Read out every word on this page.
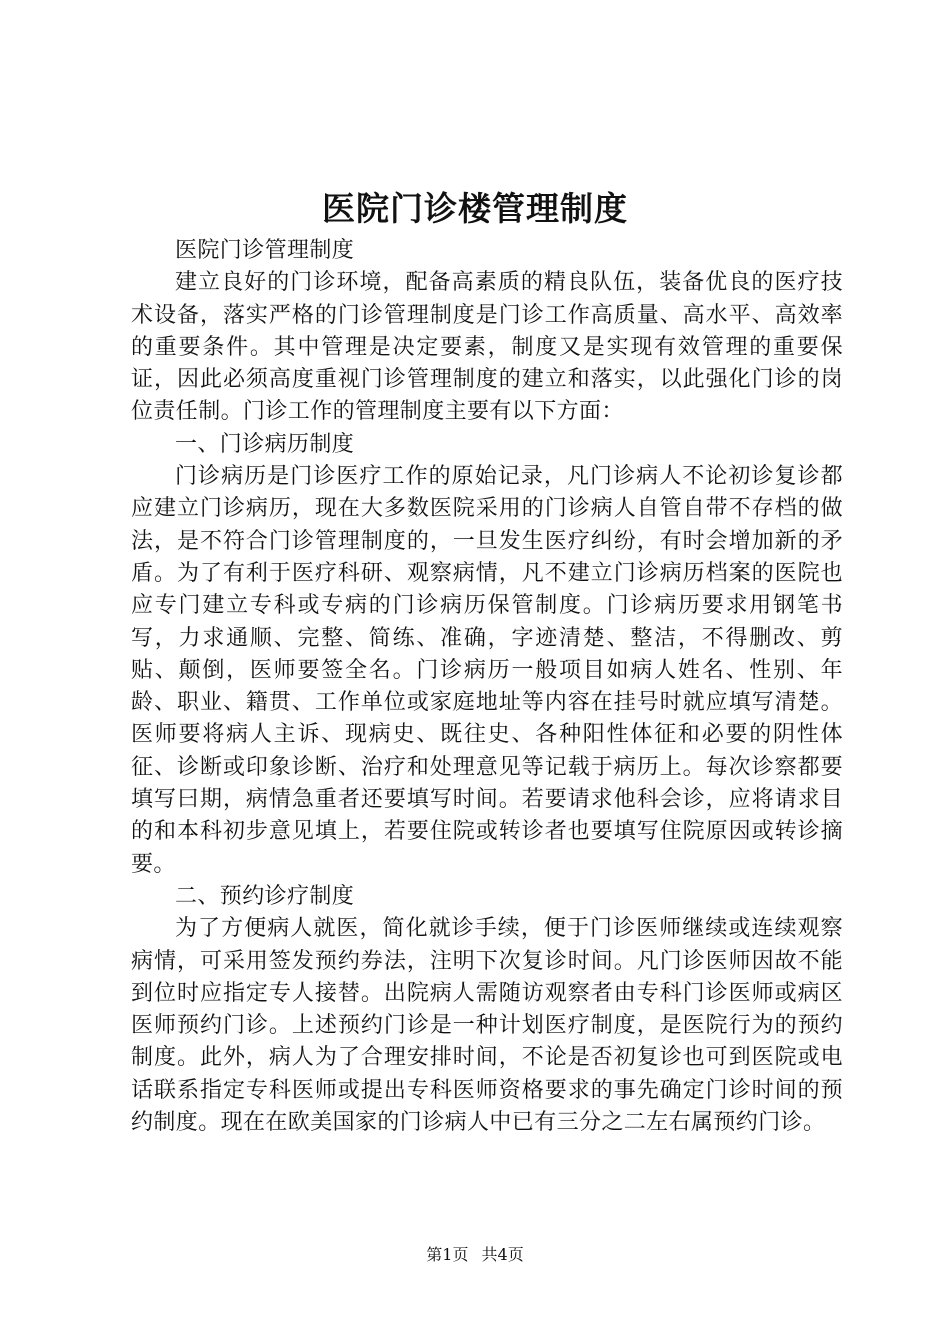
医院门诊楼管理制度

医院门诊管理制度

建立良好的门诊环境，配备高素质的精良队伍，装备优良的医疗技术设备，落实严格的门诊管理制度是门诊工作高质量、高水平、高效率的重要条件。其中管理是决定要素，制度又是实现有效管理的重要保证，因此必须高度重视门诊管理制度的建立和落实，以此强化门诊的岗位责任制。门诊工作的管理制度主要有以下方面：

一、门诊病历制度

门诊病历是门诊医疗工作的原始记录，凡门诊病人不论初诊复诊都应建立门诊病历，现在大多数医院采用的门诊病人自管自带不存档的做法，是不符合门诊管理制度的，一旦发生医疗纠纷，有时会增加新的矛盾。为了有利于医疗科研、观察病情，凡不建立门诊病历档案的医院也应专门建立专科或专病的门诊病历保管制度。门诊病历要求用钢笔书写，力求通顺、完整、简练、准确，字迹清楚、整洁，不得删改、剪贴、颠倒，医师要签全名。门诊病历一般项目如病人姓名、性别、年龄、职业、籍贯、工作单位或家庭地址等内容在挂号时就应填写清楚。医师要将病人主诉、现病史、既往史、各种阳性体征和必要的阴性体征、诊断或印象诊断、治疗和处理意见等记载于病历上。每次诊察都要填写曰期，病情急重者还要填写时间。若要请求他科会诊，应将请求目的和本科初步意见填上，若要住院或转诊者也要填写住院原因或转诊摘要。

二、预约诊疗制度

为了方便病人就医，简化就诊手续，便于门诊医师继续或连续观察病情，可采用签发预约券法，注明下次复诊时间。凡门诊医师因故不能到位时应指定专人接替。出院病人需随访观察者由专科门诊医师或病区医师预约门诊。上述预约门诊是一种计划医疗制度，是医院行为的预约制度。此外，病人为了合理安排时间，不论是否初复诊也可到医院或电话联系指定专科医师或提出专科医师资格要求的事先确定门诊时间的预约制度。现在在欧美国家的门诊病人中已有三分之二左右属预约门诊。

第1页 共4页
